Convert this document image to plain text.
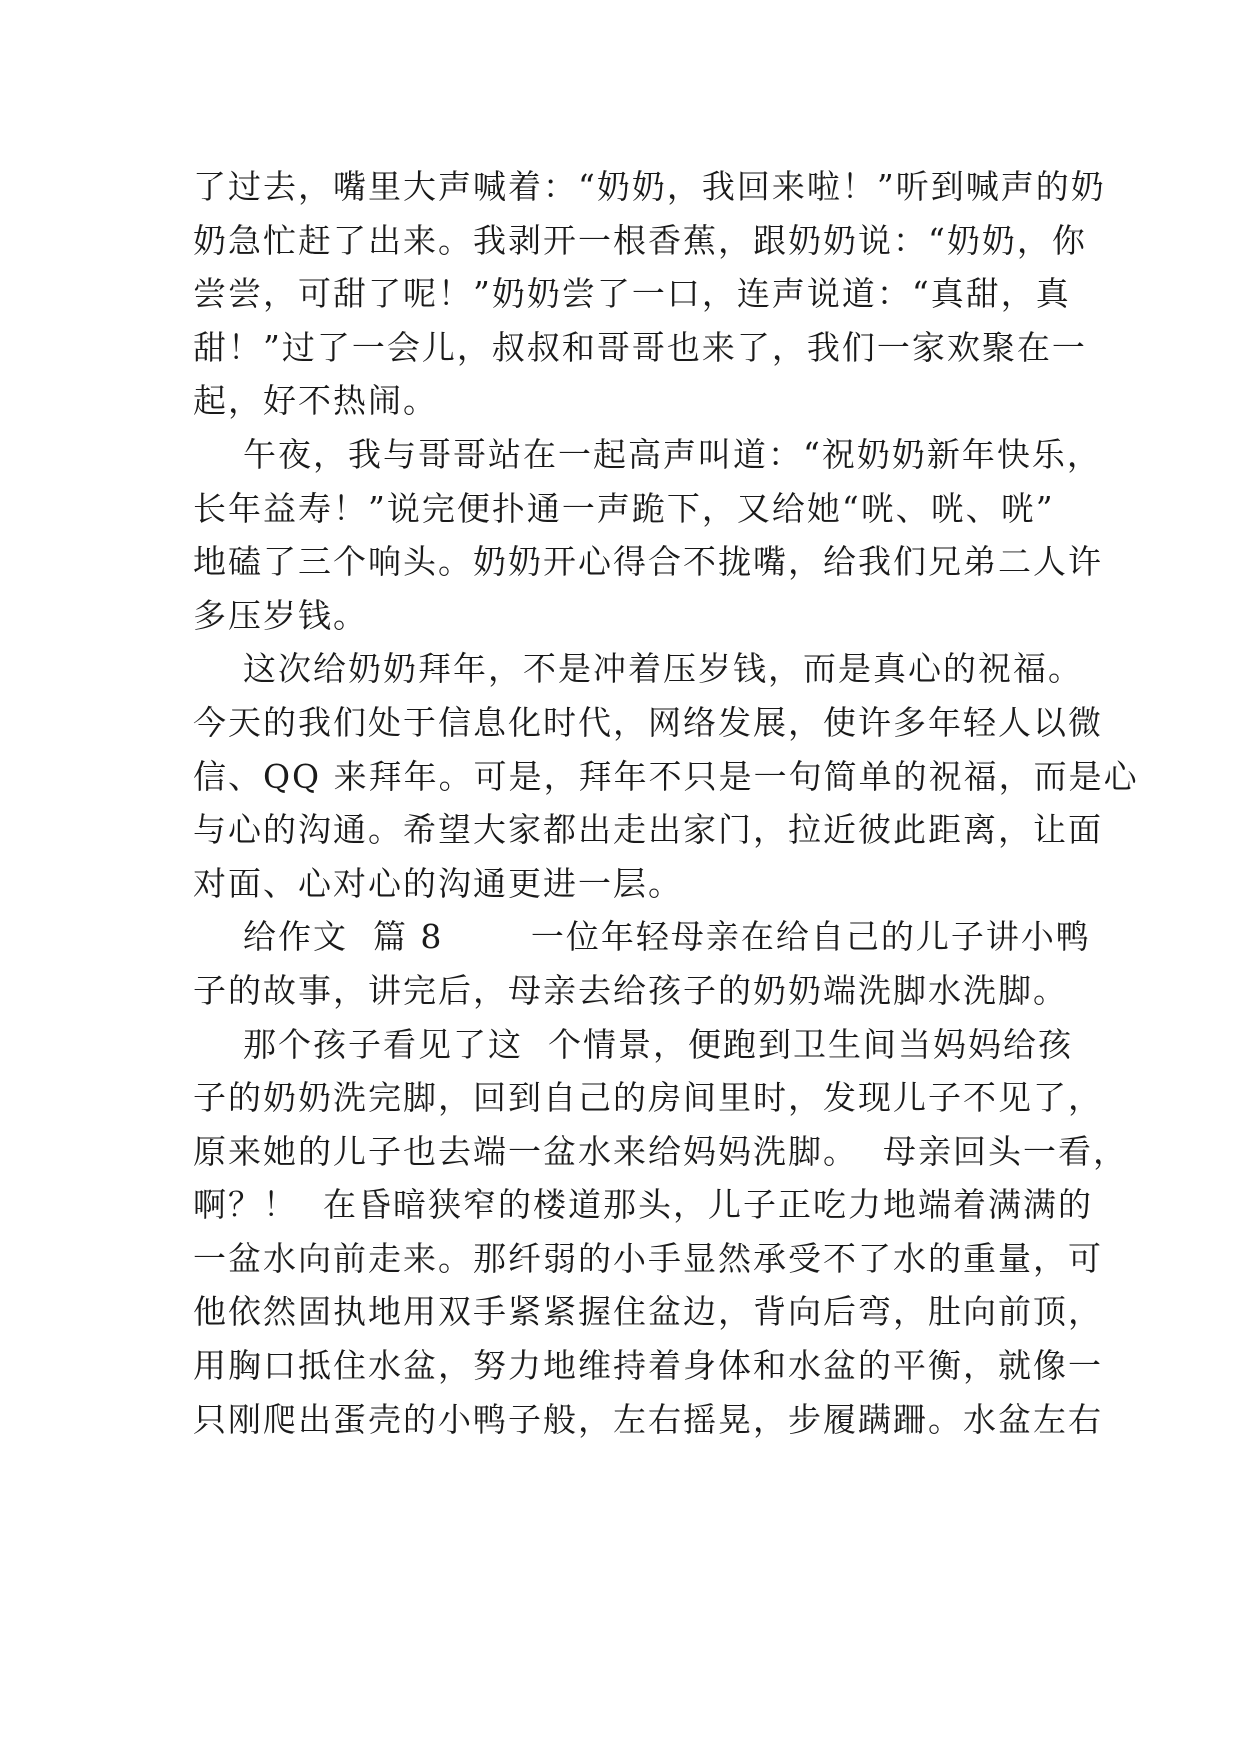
了过去，嘴里大声喊着：“奶奶，我回来啦！”听到喊声的奶
奶急忙赶了出来。我剥开一根香蕉，跟奶奶说：“奶奶，你
尝尝，可甜了呢！”奶奶尝了一口，连声说道：“真甜，真
甜！”过了一会儿，叔叔和哥哥也来了，我们一家欢聚在一
起，好不热闹。
午夜，我与哥哥站在一起高声叫道：“祝奶奶新年快乐，
长年益寿！”说完便扑通一声跪下，又给她“咣、咣、咣”
地磕了三个响头。奶奶开心得合不拢嘴，给我们兄弟二人许
多压岁钱。
这次给奶奶拜年，不是冲着压岁钱，而是真心的祝福。
今天的我们处于信息化时代，网络发展，使许多年轻人以微
信、QQ 来拜年。可是，拜年不只是一句简单的祝福，而是心
与心的沟通。希望大家都出走出家门，拉近彼此距离，让面
对面、心对心的沟通更进一层。
给作文  篇 8       一位年轻母亲在给自己的儿子讲小鸭
子的故事，讲完后，母亲去给孩子的奶奶端洗脚水洗脚。
那个孩子看见了这  个情景，便跑到卫生间当妈妈给孩
子的奶奶洗完脚，回到自己的房间里时，发现儿子不见了，
原来她的儿子也去端一盆水来给妈妈洗脚。  母亲回头一看，
啊？！  在昏暗狭窄的楼道那头，儿子正吃力地端着满满的
一盆水向前走来。那纤弱的小手显然承受不了水的重量，可
他依然固执地用双手紧紧握住盆边，背向后弯，肚向前顶，
用胸口抵住水盆，努力地维持着身体和水盆的平衡，就像一
只刚爬出蛋壳的小鸭子般，左右摇晃，步履蹒跚。水盆左右
